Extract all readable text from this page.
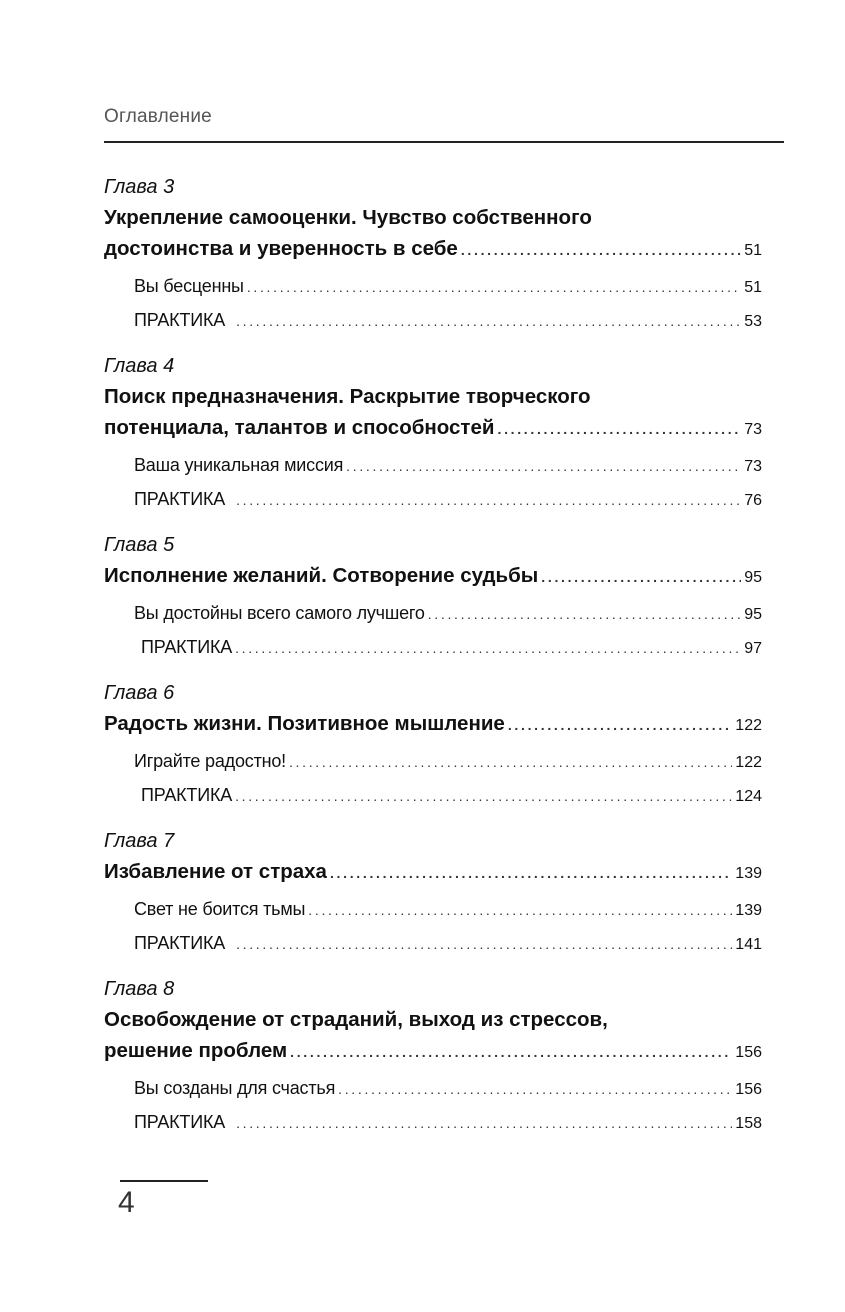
Оглавление
Глава 3
Укрепление самооценки. Чувство собственного
достоинства и уверенность в себе . . .	51
Вы бесценны . . .	51
ПРАКТИКА . . .	53
Глава 4
Поиск предназначения. Раскрытие творческого
потенциала, талантов и способностей . . .	73
Ваша уникальная миссия . . .	73
ПРАКТИКА . . .	76
Глава 5
Исполнение желаний. Сотворение судьбы . . .	95
Вы достойны всего самого лучшего . . .	95
ПРАКТИКА . . .	97
Глава 6
Радость жизни. Позитивное мышление . . .	122
Играйте радостно! . . .	122
ПРАКТИКА . . .	124
Глава 7
Избавление от страха . . .	139
Свет не боится тьмы . . .	139
ПРАКТИКА . . .	141
Глава 8
Освобождение от страданий, выход из стрессов,
решение проблем . . .	156
Вы созданы для счастья . . .	156
ПРАКТИКА . . .	158
4
